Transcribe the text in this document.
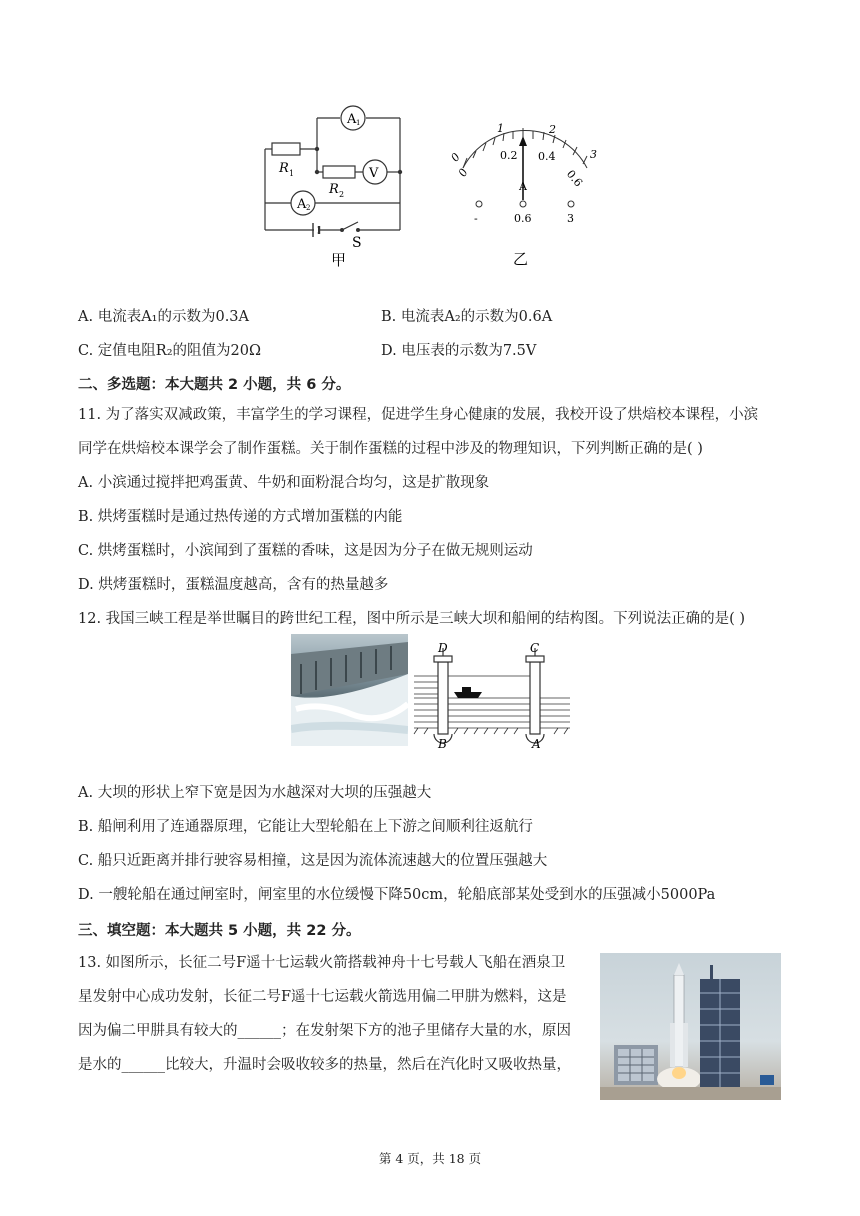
A 1
V
A 2
R 1
R 2
S
甲
0
1	2
3
0
0.2 0.4
0.6
A
-	0.6	3
乙
A. 电流表A₁的示数为0.3A	B. 电流表A₂的示数为0.6A
C. 定值电阻R₂的阻值为20Ω	D. 电压表的示数为7.5V
二、多选题：本大题共 2 小题，共 6 分。
11. 为了落实双减政策，丰富学生的学习课程，促进学生身心健康的发展，我校开设了烘焙校本课程，小滨
同学在烘焙校本课学会了制作蛋糕。关于制作蛋糕的过程中涉及的物理知识，下列判断正确的是( )
A. 小滨通过搅拌把鸡蛋黄、牛奶和面粉混合均匀，这是扩散现象
B. 烘烤蛋糕时是通过热传递的方式增加蛋糕的内能
C. 烘烤蛋糕时，小滨闻到了蛋糕的香味，这是因为分子在做无规则运动
D. 烘烤蛋糕时，蛋糕温度越高，含有的热量越多
12. 我国三峡工程是举世瞩目的跨世纪工程，图中所示是三峡大坝和船闸的结构图。下列说法正确的是( )
D	C
B	A
A. 大坝的形状上窄下宽是因为水越深对大坝的压强越大
B. 船闸利用了连通器原理，它能让大型轮船在上下游之间顺利往返航行
C. 船只近距离并排行驶容易相撞，这是因为流体流速越大的位置压强越大
D. 一艘轮船在通过闸室时，闸室里的水位缓慢下降50cm，轮船底部某处受到水的压强减小5000Pa
三、填空题：本大题共 5 小题，共 22 分。
13. 如图所示，长征二号F遥十七运载火箭搭载神舟十七号载人飞船在酒泉卫
星发射中心成功发射，长征二号F遥十七运载火箭选用偏二甲肼为燃料，这是
因为偏二甲肼具有较大的______；在发射架下方的池子里储存大量的水，原因
是水的______比较大，升温时会吸收较多的热量，然后在汽化时又吸收热量，
第 4 页，共 18 页
